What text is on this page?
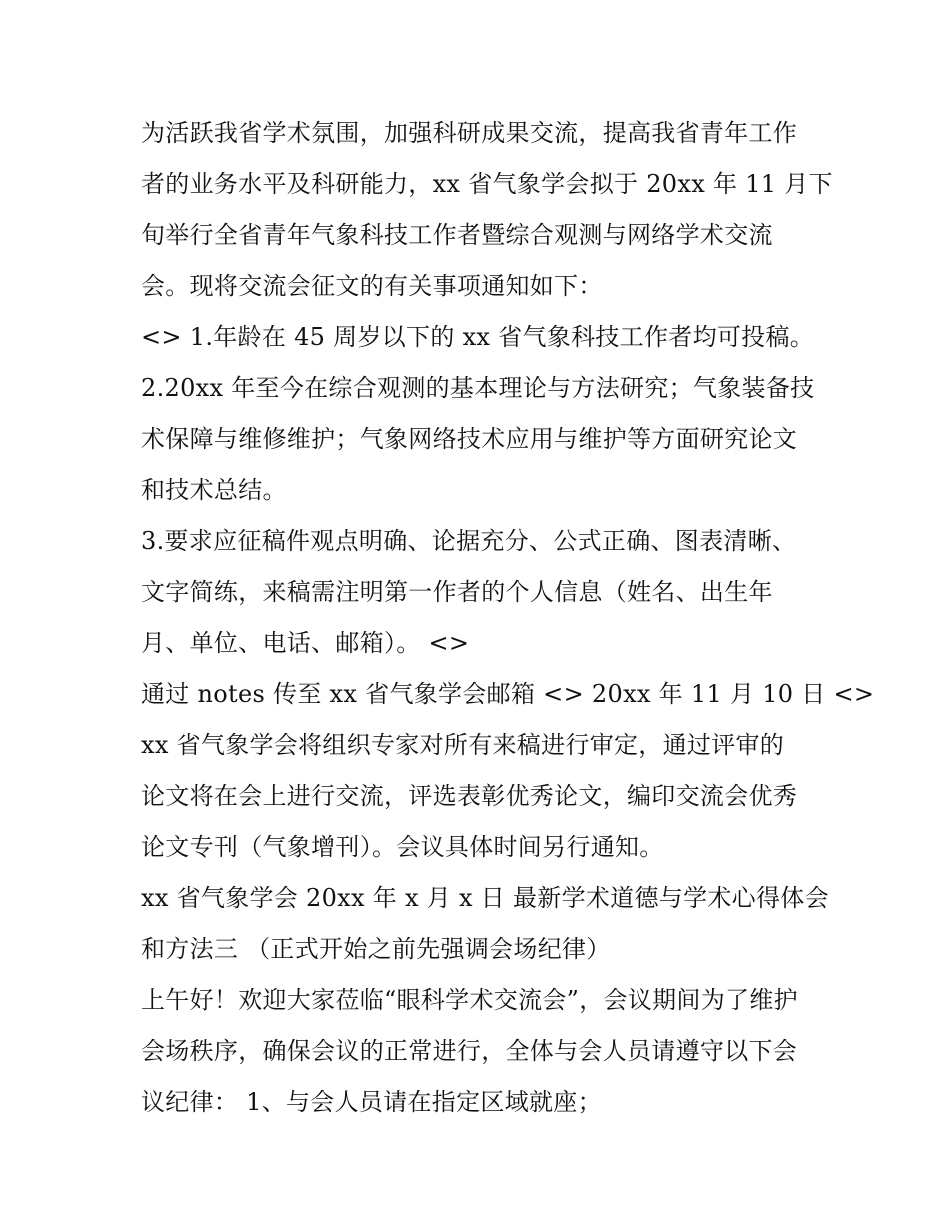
为活跃我省学术氛围，加强科研成果交流，提高我省青年工作
者的业务水平及科研能力，xx 省气象学会拟于 20xx 年 11 月下
旬举行全省青年气象科技工作者暨综合观测与网络学术交流
会。现将交流会征文的有关事项通知如下：
<> 1.年龄在 45 周岁以下的 xx 省气象科技工作者均可投稿。
2.20xx 年至今在综合观测的基本理论与方法研究；气象装备技
术保障与维修维护；气象网络技术应用与维护等方面研究论文
和技术总结。
3.要求应征稿件观点明确、论据充分、公式正确、图表清晰、
文字简练，来稿需注明第一作者的个人信息（姓名、出生年
月、单位、电话、邮箱）。 <>
通过 notes 传至 xx 省气象学会邮箱 <> 20xx 年 11 月 10 日 <>
xx 省气象学会将组织专家对所有来稿进行审定，通过评审的
论文将在会上进行交流，评选表彰优秀论文，编印交流会优秀
论文专刊（气象增刊）。会议具体时间另行通知。
xx 省气象学会 20xx 年 x 月 x 日 最新学术道德与学术心得体会
和方法三 （正式开始之前先强调会场纪律）
上午好！欢迎大家莅临“眼科学术交流会”，会议期间为了维护
会场秩序，确保会议的正常进行，全体与会人员请遵守以下会
议纪律： 1、与会人员请在指定区域就座；
